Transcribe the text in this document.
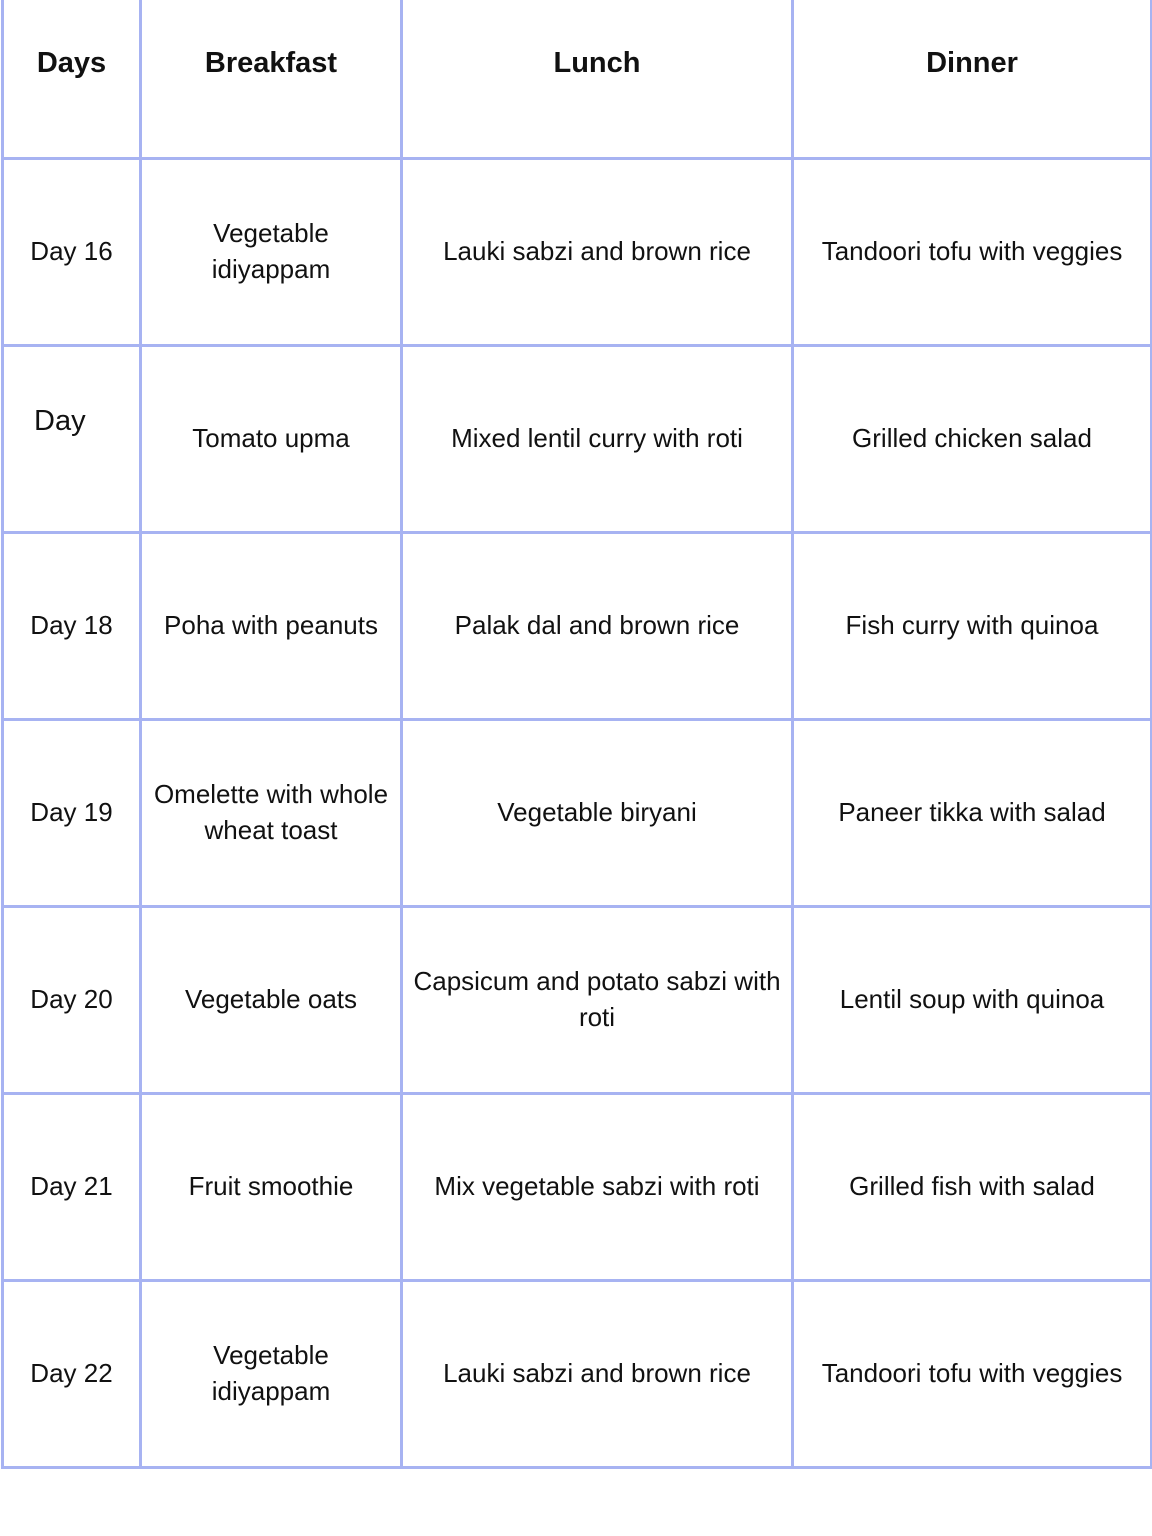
Days	Breakfast	Lunch	Dinner
Day 16	Vegetable idiyappam	Lauki sabzi and brown rice	Tandoori tofu with veggies
Day	Tomato upma	Mixed lentil curry with roti	Grilled chicken salad
Day 18	Poha with peanuts	Palak dal and brown rice	Fish curry with quinoa
Day 19	Omelette with whole wheat toast	Vegetable biryani	Paneer tikka with salad
Day 20	Vegetable oats	Capsicum and potato sabzi with roti	Lentil soup with quinoa
Day 21	Fruit smoothie	Mix vegetable sabzi with roti	Grilled fish with salad
Day 22	Vegetable idiyappam	Lauki sabzi and brown rice	Tandoori tofu with veggies
